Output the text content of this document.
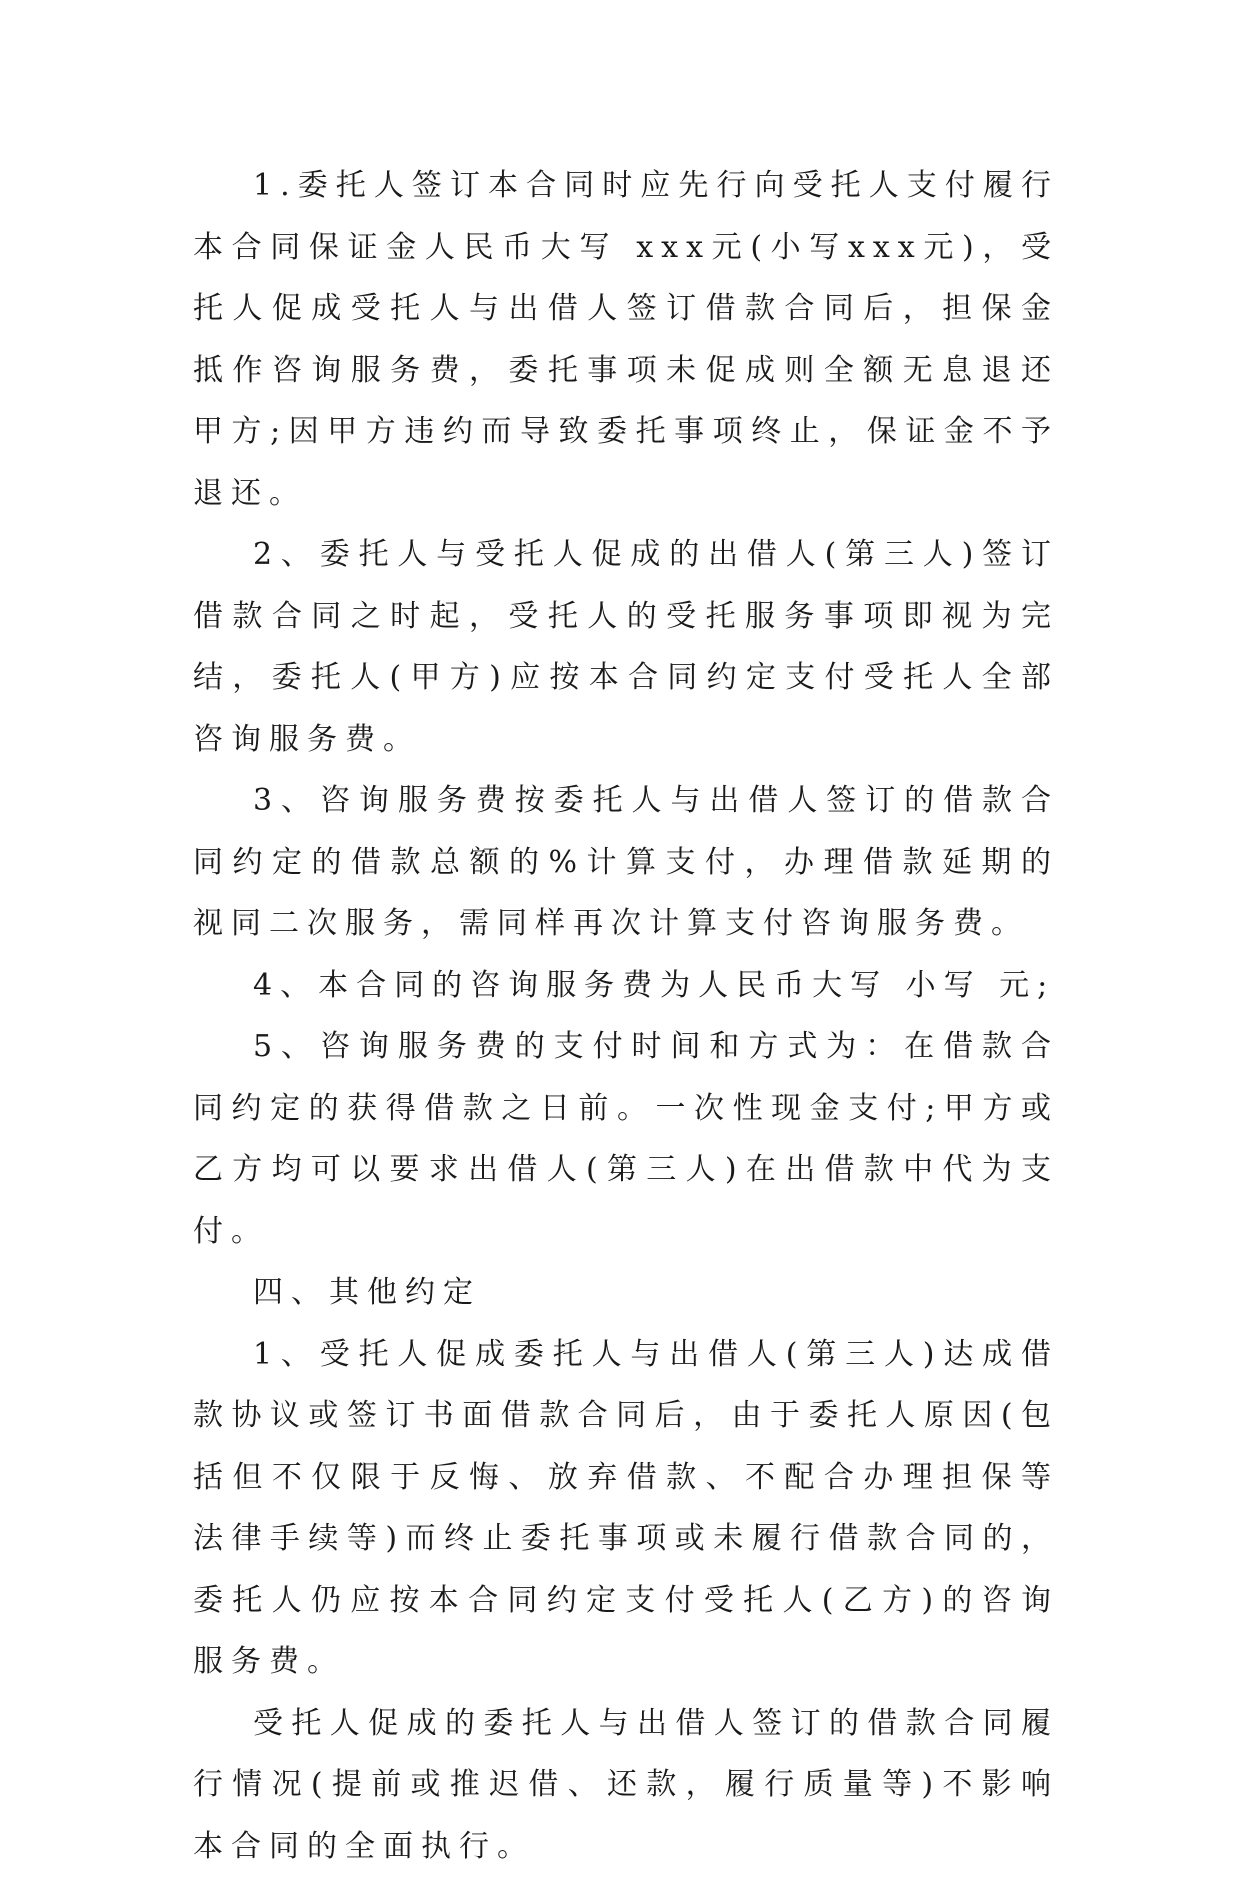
1.委托人签订本合同时应先行向受托人支付履行本合同保证金人民币大写 xxx元(小写xxx元)，受托人促成受托人与出借人签订借款合同后，担保金抵作咨询服务费，委托事项未促成则全额无息退还甲方;因甲方违约而导致委托事项终止，保证金不予退还。

2、委托人与受托人促成的出借人(第三人)签订借款合同之时起，受托人的受托服务事项即视为完结，委托人(甲方)应按本合同约定支付受托人全部咨询服务费。

3、咨询服务费按委托人与出借人签订的借款合同约定的借款总额的%计算支付，办理借款延期的视同二次服务，需同样再次计算支付咨询服务费。

4、本合同的咨询服务费为人民币大写 小写 元;

5、咨询服务费的支付时间和方式为：在借款合同约定的获得借款之日前。一次性现金支付;甲方或乙方均可以要求出借人(第三人)在出借款中代为支付。

四、其他约定

1、受托人促成委托人与出借人(第三人)达成借款协议或签订书面借款合同后，由于委托人原因(包括但不仅限于反悔、放弃借款、不配合办理担保等法律手续等)而终止委托事项或未履行借款合同的，委托人仍应按本合同约定支付受托人(乙方)的咨询服务费。

受托人促成的委托人与出借人签订的借款合同履行情况(提前或推迟借、还款，履行质量等)不影响本合同的全面执行。
